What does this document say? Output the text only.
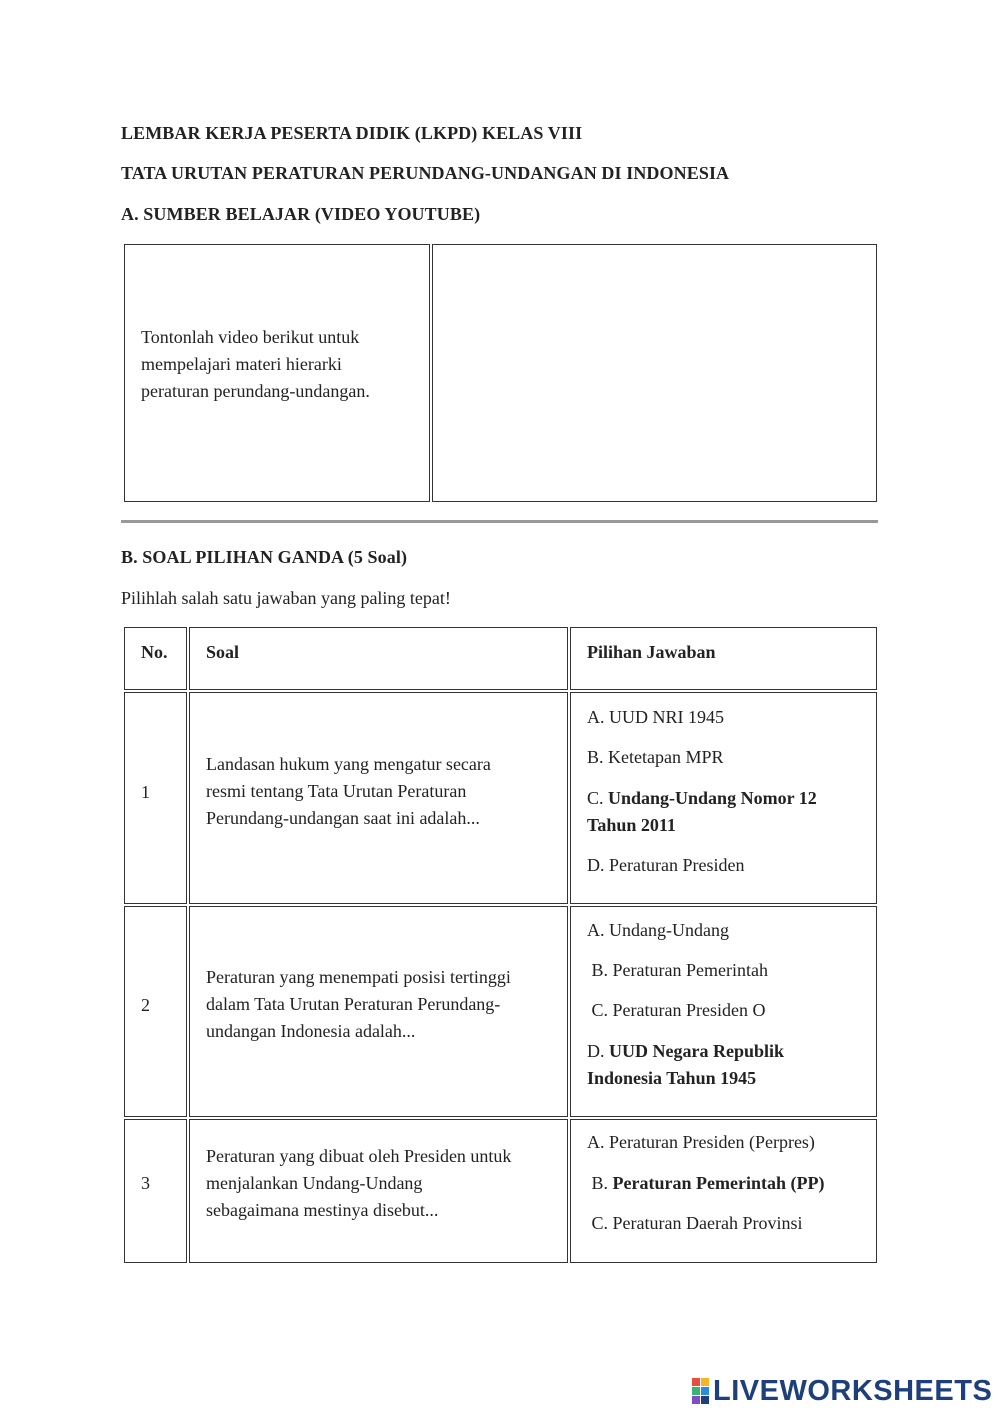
LEMBAR KERJA PESERTA DIDIK (LKPD) KELAS VIII
TATA URUTAN PERATURAN PERUNDANG-UNDANGAN DI INDONESIA
A. SUMBER BELAJAR (VIDEO YOUTUBE)
Tontonlah video berikut untuk
mempelajari materi hierarki
peraturan perundang-undangan.
B. SOAL PILIHAN GANDA (5 Soal)
Pilihlah salah satu jawaban yang paling tepat!
No. Soal	Pilihan Jawaban
1
Landasan hukum yang mengatur secara
resmi tentang Tata Urutan Peraturan
Perundang-undangan saat ini adalah...
A. UUD NRI 1945
B. Ketetapan MPR
C. Undang-Undang Nomor 12
Tahun 2011
D. Peraturan Presiden
2
Peraturan yang menempati posisi tertinggi
dalam Tata Urutan Peraturan Perundang-
undangan Indonesia adalah...
A. Undang-Undang
B. Peraturan Pemerintah
C. Peraturan Presiden O
D. UUD Negara Republik
Indonesia Tahun 1945
3
Peraturan yang dibuat oleh Presiden untuk
menjalankan Undang-Undang
sebagaimana mestinya disebut...
A. Peraturan Presiden (Perpres)
B. Peraturan Pemerintah (PP)
C. Peraturan Daerah Provinsi
LIVEWORKSHEETS
